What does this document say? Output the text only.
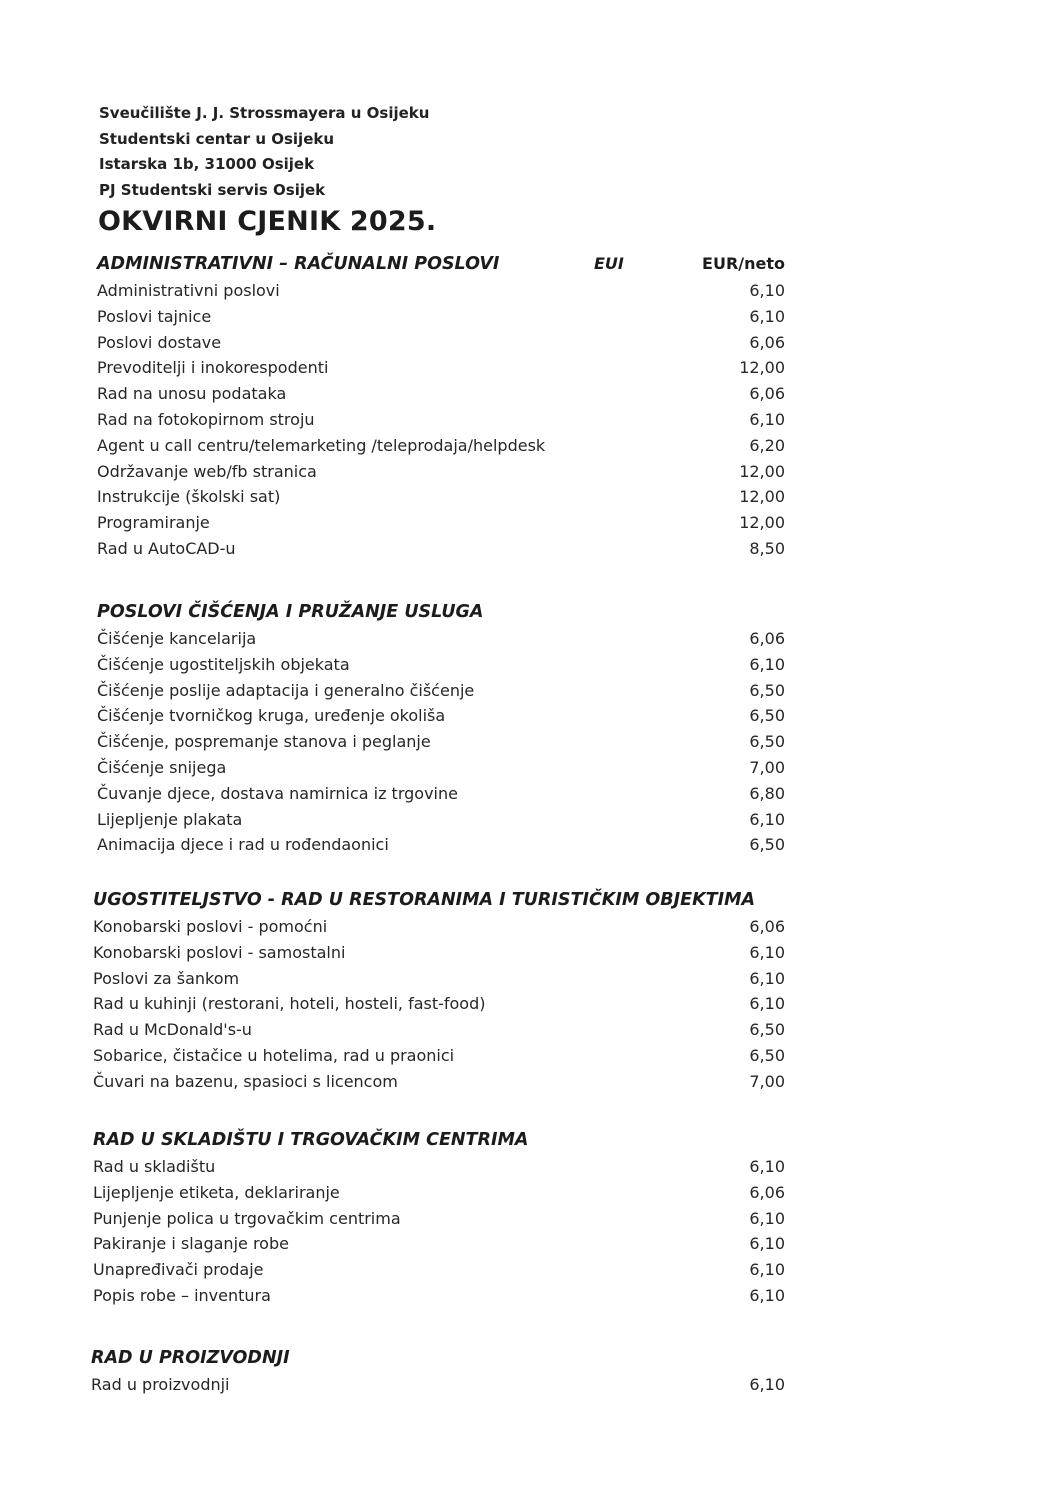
Sveučilište J. J. Strossmayera u Osijeku
Studentski centar u Osijeku
Istarska 1b, 31000 Osijek
PJ Studentski servis Osijek
OKVIRNI CJENIK 2025.
ADMINISTRATIVNI – RAČUNALNI POSLOVI	EUI	EUR/neto
Administrativni poslovi	6,10
Poslovi tajnice	6,10
Poslovi dostave	6,06
Prevoditelji i inokorespodenti	12,00
Rad na unosu podataka	6,06
Rad na fotokopirnom stroju	6,10
Agent u call centru/telemarketing /teleprodaja/helpdesk	6,20
Održavanje web/fb stranica	12,00
Instrukcije (školski sat)	12,00
Programiranje	12,00
Rad u AutoCAD-u	8,50
POSLOVI ČIŠĆENJA I PRUŽANJE USLUGA
Čišćenje kancelarija	6,06
Čišćenje ugostiteljskih objekata	6,10
Čišćenje poslije adaptacija i generalno čišćenje	6,50
Čišćenje tvorničkog kruga, uređenje okoliša	6,50
Čišćenje, pospremanje stanova i peglanje	6,50
Čišćenje snijega	7,00
Čuvanje djece, dostava namirnica iz trgovine	6,80
Lijepljenje plakata	6,10
Animacija djece i rad u rođendaonici	6,50
UGOSTITELJSTVO - RAD U RESTORANIMA I TURISTIČKIM OBJEKTIMA
Konobarski poslovi - pomoćni	6,06
Konobarski poslovi - samostalni	6,10
Poslovi za šankom	6,10
Rad u kuhinji (restorani, hoteli, hosteli, fast-food)	6,10
Rad u McDonald's-u	6,50
Sobarice, čistačice u hotelima, rad u praonici	6,50
Čuvari na bazenu, spasioci s licencom	7,00
RAD U SKLADIŠTU I TRGOVAČKIM CENTRIMA
Rad u skladištu	6,10
Lijepljenje etiketa, deklariranje	6,06
Punjenje polica u trgovačkim centrima	6,10
Pakiranje i slaganje robe	6,10
Unapređivači prodaje	6,10
Popis robe – inventura	6,10
RAD U PROIZVODNJI
Rad u proizvodnji	6,10
